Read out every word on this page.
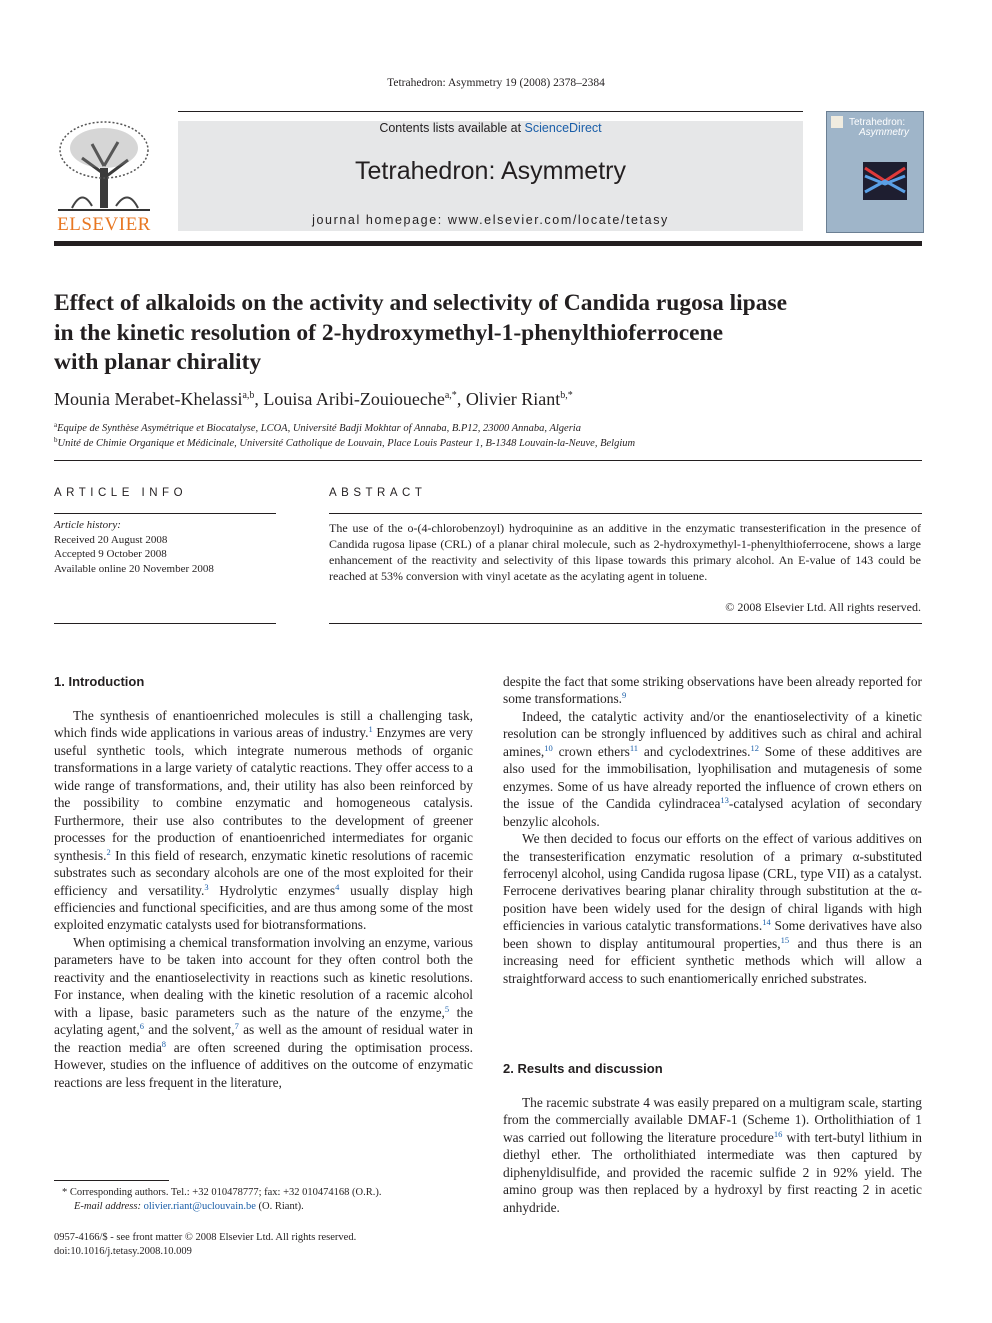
Tetrahedron: Asymmetry 19 (2008) 2378–2384
ELSEVIER
Contents lists available at ScienceDirect
Tetrahedron: Asymmetry
journal homepage: www.elsevier.com/locate/tetasy
Tetrahedron:
Asymmetry
Effect of alkaloids on the activity and selectivity of Candida rugosa lipase
in the kinetic resolution of 2-hydroxymethyl-1-phenylthioferrocene
with planar chirality
Mounia Merabet-Khelassi$^{a,b}$, Louisa Aribi-Zouioueche$^{a,*}$, Olivier Riant$^{b,*}$
$^a$Equipe de Synthèse Asymétrique et Biocatalyse, LCOA, Université Badji Mokhtar of Annaba, B.P12, 23000 Annaba, Algeria
$^b$Unité de Chimie Organique et Médicinale, Université Catholique de Louvain, Place Louis Pasteur 1, B-1348 Louvain-la-Neuve, Belgium
ARTICLE INFO
Article history:
Received 20 August 2008
Accepted 9 October 2008
Available online 20 November 2008
ABSTRACT
The use of the o-(4-chlorobenzoyl) hydroquinine as an additive in the enzymatic transesterification in the presence of Candida rugosa lipase (CRL) of a planar chiral molecule, such as 2-hydroxymethyl-1-phenylthioferrocene, shows a large enhancement of the reactivity and selectivity of this lipase towards this primary alcohol. An E-value of 143 could be reached at 53% conversion with vinyl acetate as the acylating agent in toluene.
© 2008 Elsevier Ltd. All rights reserved.
1. Introduction

The synthesis of enantioenriched molecules is still a challenging task, which finds wide applications in various areas of industry.$^1$ Enzymes are very useful synthetic tools, which integrate numerous methods of organic transformations in a large variety of catalytic reactions. They offer access to a wide range of transformations, and, their utility has also been reinforced by the possibility to combine enzymatic and homogeneous catalysis. Furthermore, their use also contributes to the development of greener processes for the production of enantioenriched intermediates for organic synthesis.$^2$ In this field of research, enzymatic kinetic resolutions of racemic substrates such as secondary alcohols are one of the most exploited for their efficiency and versatility.$^3$ Hydrolytic enzymes$^4$ usually display high efficiencies and functional specificities, and are thus among some of the most exploited enzymatic catalysts used for biotransformations.

When optimising a chemical transformation involving an enzyme, various parameters have to be taken into account for they often control both the reactivity and the enantioselectivity in reactions such as kinetic resolutions. For instance, when dealing with the kinetic resolution of a racemic alcohol with a lipase, basic parameters such as the nature of the enzyme,$^5$ the acylating agent,$^6$ and the solvent,$^7$ as well as the amount of residual water in the reaction media$^8$ are often screened during the optimisation process. However, studies on the influence of additives on the outcome of enzymatic reactions are less frequent in the literature,

despite the fact that some striking observations have been already reported for some transformations.$^9$

Indeed, the catalytic activity and/or the enantioselectivity of a kinetic resolution can be strongly influenced by additives such as chiral and achiral amines,$^{10}$ crown ethers$^{11}$ and cyclodextrines.$^{12}$ Some of these additives are also used for the immobilisation, lyophilisation and mutagenesis of some enzymes. Some of us have already reported the influence of crown ethers on the issue of the Candida cylindracea$^{13}$-catalysed acylation of secondary benzylic alcohols.

We then decided to focus our efforts on the effect of various additives on the transesterification enzymatic resolution of a primary α-substituted ferrocenyl alcohol, using Candida rugosa lipase (CRL, type VII) as a catalyst. Ferrocene derivatives bearing planar chirality through substitution at the α-position have been widely used for the design of chiral ligands with high efficiencies in various catalytic transformations.$^{14}$ Some derivatives have also been shown to display antitumoural properties,$^{15}$ and thus there is an increasing need for efficient synthetic methods which will allow a straightforward access to such enantiomerically enriched substrates.

2. Results and discussion

The racemic substrate 4 was easily prepared on a multigram scale, starting from the commercially available DMAF-1 (Scheme 1). Ortholithiation of 1 was carried out following the literature procedure$^{16}$ with tert-butyl lithium in diethyl ether. The ortholithiated intermediate was then captured by diphenyldisulfide, and provided the racemic sulfide 2 in 92% yield. The amino group was then replaced by a hydroxyl by first reacting 2 in acetic anhydride.

* Corresponding authors. Tel.: +32 010478777; fax: +32 010474168 (O.R.).
E-mail address: olivier.riant@uclouvain.be (O. Riant).
0957-4166/$ - see front matter © 2008 Elsevier Ltd. All rights reserved.
doi:10.1016/j.tetasy.2008.10.009
